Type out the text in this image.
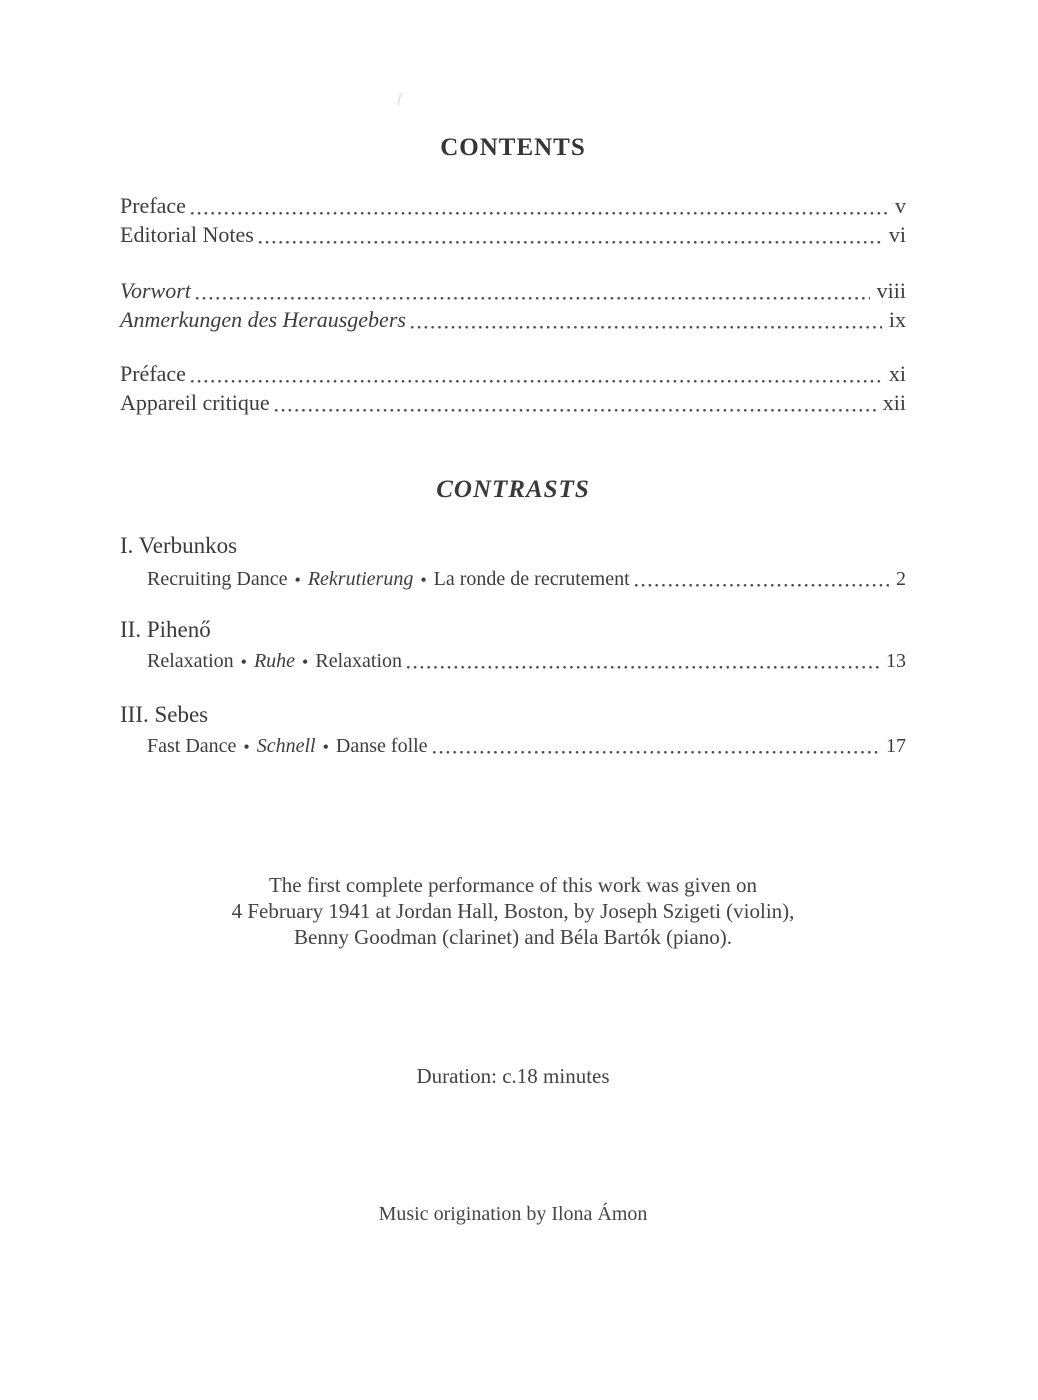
CONTENTS
Preface	v
Editorial Notes	vi
Vorwort	viii
Anmerkungen des Herausgebers	ix
Préface	xi
Appareil critique	xii
CONTRASTS
I. Verbunkos
Recruiting Dance • Rekrutierung • La ronde de recrutement	2
II. Pihenő
Relaxation • Ruhe • Relaxation	13
III. Sebes
Fast Dance • Schnell • Danse folle	17
The first complete performance of this work was given on
4 February 1941 at Jordan Hall, Boston, by Joseph Szigeti (violin),
Benny Goodman (clarinet) and Béla Bartók (piano).
Duration: c.18 minutes
Music origination by Ilona Ámon
